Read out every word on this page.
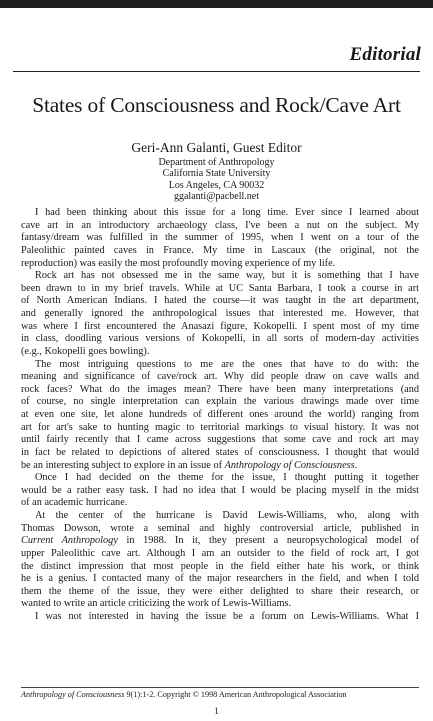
Editorial
States of Consciousness and Rock/Cave Art
Geri-Ann Galanti, Guest Editor
Department of Anthropology
California State University
Los Angeles, CA 90032
ggalanti@pacbell.net

I had been thinking about this issue for a long time. Ever since I learned about
cave art in an introductory archaeology class, I've been a nut on the subject. My
fantasy/dream was fulfilled in the summer of 1995, when I went on a tour of the
Paleolithic painted caves in France. My time in Lascaux (the original, not the
reproduction) was easily the most profoundly moving experience of my life.

Rock art has not obsessed me in the same way, but it is something that I have
been drawn to in my brief travels. While at UC Santa Barbara, I took a course in art
of North American Indians. I hated the course—it was taught in the art department,
and generally ignored the anthropological issues that interested me. However, that
was where I first encountered the Anasazi figure, Kokopelli. I spent most of my time
in class, doodling various versions of Kokopelli, in all sorts of modern-day activities
(e.g., Kokopelli goes bowling).

The most intriguing questions to me are the ones that have to do with: the
meaning and significance of cave/rock art. Why did people draw on cave walls and
rock faces? What do the images mean? There have been many interpretations (and
of course, no single interpretation can explain the various drawings made over time
at even one site, let alone hundreds of different ones around the world) ranging from
art for art's sake to hunting magic to territorial markings to visual history. It was not
until fairly recently that I came across suggestions that some cave and rock art may
in fact be related to depictions of altered states of consciousness. I thought that would
be an interesting subject to explore in an issue of Anthropology of Consciousness.

Once I had decided on the theme for the issue, I thought putting it together
would be a rather easy task. I had no idea that I would be placing myself in the midst
of an academic hurricane.

At the center of the hurricane is David Lewis-Williams, who, along with
Thomas Dowson, wrote a seminal and highly controversial article, published in
Current Anthropology in 1988. In it, they present a neuropsychological model of
upper Paleolithic cave art. Although I am an outsider to the field of rock art, I got
the distinct impression that most people in the field either hate his work, or think
he is a genius. I contacted many of the major researchers in the field, and when I told
them the theme of the issue, they were either delighted to share their research, or
wanted to write an article criticizing the work of Lewis-Williams.

I was not interested in having the issue be a forum on Lewis-Williams. What I

Anthropology of Consciousness 9(1):1-2. Copyright © 1998 American Anthropological Association
1
